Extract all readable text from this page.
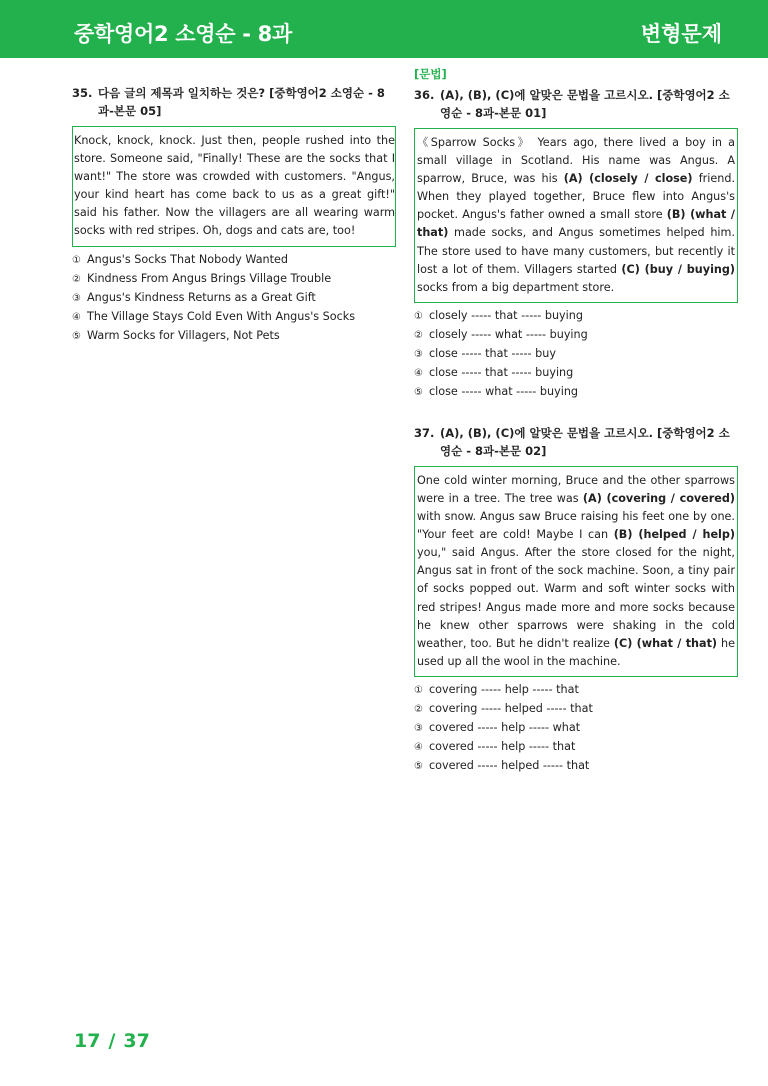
중학영어2 소영순 - 8과	변형문제
35. 다음 글의 제목과 일치하는 것은? [중학영어2 소영순 - 8과-본문 05]
Knock, knock, knock. Just then, people rushed into the store. Someone said, "Finally! These are the socks that I want!" The store was crowded with customers. "Angus, your kind heart has come back to us as a great gift!" said his father. Now the villagers are all wearing warm socks with red stripes. Oh, dogs and cats are, too!
① Angus's Socks That Nobody Wanted
② Kindness From Angus Brings Village Trouble
③ Angus's Kindness Returns as a Great Gift
④ The Village Stays Cold Even With Angus's Socks
⑤ Warm Socks for Villagers, Not Pets
[문법]
36. (A), (B), (C)에 알맞은 문법을 고르시오. [중학영어2 소영순 - 8과-본문 01]
《Sparrow Socks》 Years ago, there lived a boy in a small village in Scotland. His name was Angus. A sparrow, Bruce, was his (A) (closely / close) friend. When they played together, Bruce flew into Angus's pocket. Angus's father owned a small store (B) (what / that) made socks, and Angus sometimes helped him. The store used to have many customers, but recently it lost a lot of them. Villagers started (C) (buy / buying) socks from a big department store.
① closely ----- that ----- buying
② closely ----- what ----- buying
③ close ----- that ----- buy
④ close ----- that ----- buying
⑤ close ----- what ----- buying
37. (A), (B), (C)에 알맞은 문법을 고르시오. [중학영어2 소영순 - 8과-본문 02]
One cold winter morning, Bruce and the other sparrows were in a tree. The tree was (A) (covering / covered) with snow. Angus saw Bruce raising his feet one by one. "Your feet are cold! Maybe I can (B) (helped / help) you," said Angus. After the store closed for the night, Angus sat in front of the sock machine. Soon, a tiny pair of socks popped out. Warm and soft winter socks with red stripes! Angus made more and more socks because he knew other sparrows were shaking in the cold weather, too. But he didn't realize (C) (what / that) he used up all the wool in the machine.
① covering ----- help ----- that
② covering ----- helped ----- that
③ covered ----- help ----- what
④ covered ----- help ----- that
⑤ covered ----- helped ----- that
17 / 37
